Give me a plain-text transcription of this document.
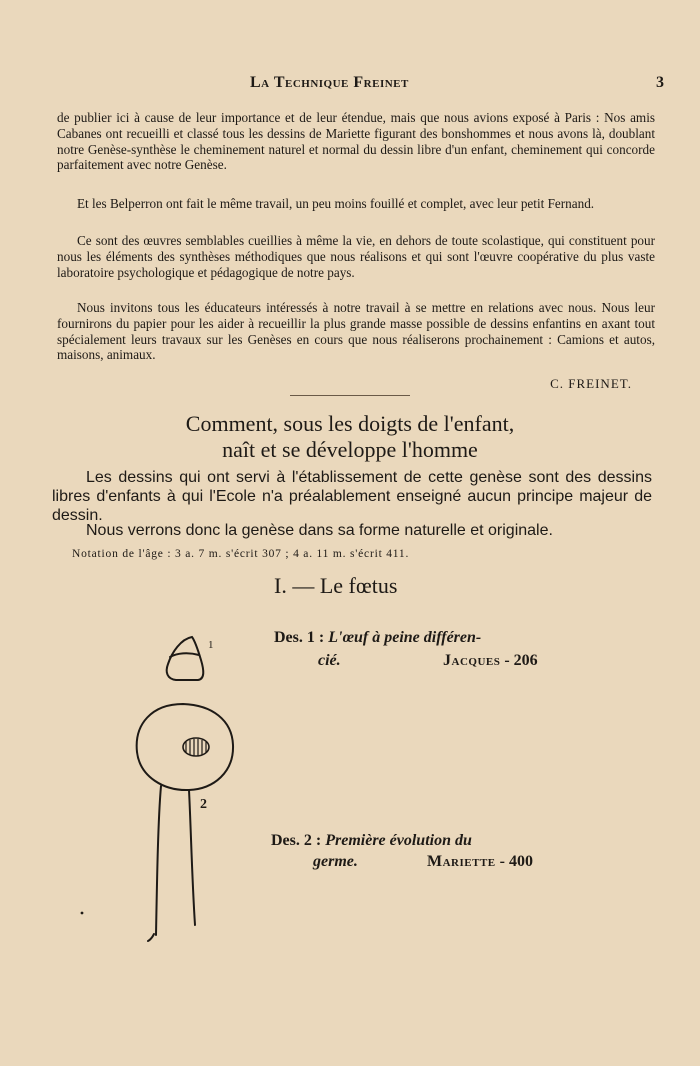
La Technique Freinet	3

de publier ici à cause de leur importance et de leur étendue, mais que nous avions exposé à Paris : Nos amis Cabanes ont recueilli et classé tous les dessins de Mariette figurant des bonshommes et nous avons là, doublant notre Genèse-synthèse le cheminement naturel et normal du dessin libre d'un enfant, cheminement qui concorde parfaitement avec notre Genèse.

Et les Belperron ont fait le même travail, un peu moins fouillé et complet, avec leur petit Fernand.

Ce sont des œuvres semblables cueillies à même la vie, en dehors de toute scolastique, qui constituent pour nous les éléments des synthèses méthodiques que nous réalisons et qui sont l'œuvre coopérative du plus vaste laboratoire psychologique et pédagogique de notre pays.

Nous invitons tous les éducateurs intéressés à notre travail à se mettre en relations avec nous. Nous leur fournirons du papier pour les aider à recueillir la plus grande masse possible de dessins enfantins en axant tout spécialement leurs travaux sur les Genèses en cours que nous réaliserons prochainement : Camions et autos, maisons, animaux.

C. FREINET.
Comment, sous les doigts de l'enfant,
naît et se développe l'homme

Les dessins qui ont servi à l'établissement de cette genèse sont des dessins libres d'enfants à qui l'Ecole n'a préalablement enseigné aucun principe majeur de dessin.

Nous verrons donc la genèse dans sa forme naturelle et originale.

Notation de l'âge : 3 a. 7 m. s'écrit 307 ; 4 a. 11 m. s'écrit 411.
I. — Le fœtus
Des. 1 : L'œuf à peine différen-
cié.	Jacques - 206
Des. 2 : Première évolution du
germe.	Mariette - 400
1
2
